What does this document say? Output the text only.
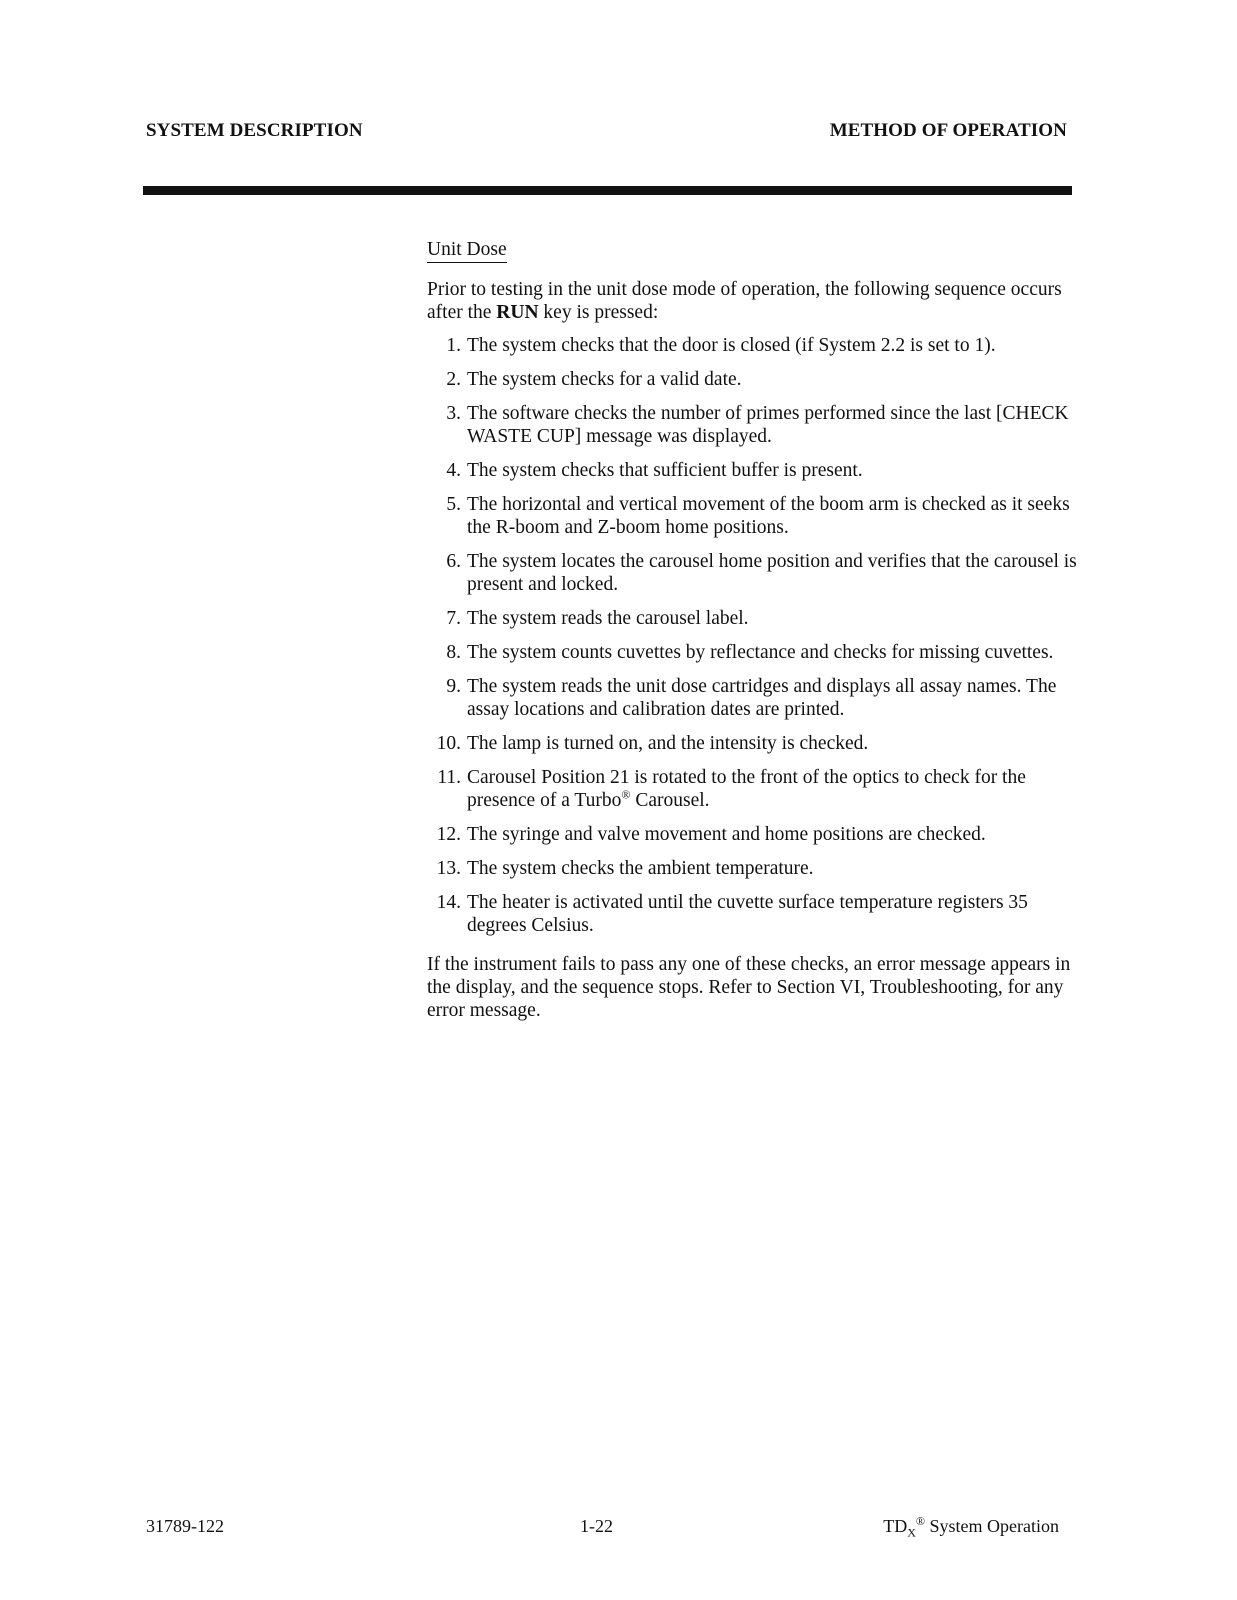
SYSTEM DESCRIPTION	METHOD OF OPERATION
Unit Dose

Prior to testing in the unit dose mode of operation, the following sequence occurs after the RUN key is pressed:

1. The system checks that the door is closed (if System 2.2 is set to 1).
2. The system checks for a valid date.
3. The software checks the number of primes performed since the last [CHECK WASTE CUP] message was displayed.
4. The system checks that sufficient buffer is present.
5. The horizontal and vertical movement of the boom arm is checked as it seeks the R-boom and Z-boom home positions.
6. The system locates the carousel home position and verifies that the carousel is present and locked.
7. The system reads the carousel label.
8. The system counts cuvettes by reflectance and checks for missing cuvettes.
9. The system reads the unit dose cartridges and displays all assay names. The assay locations and calibration dates are printed.
10. The lamp is turned on, and the intensity is checked.
11. Carousel Position 21 is rotated to the front of the optics to check for the presence of a Turbo® Carousel.
12. The syringe and valve movement and home positions are checked.
13. The system checks the ambient temperature.
14. The heater is activated until the cuvette surface temperature registers 35 degrees Celsius.

If the instrument fails to pass any one of these checks, an error message appears in the display, and the sequence stops. Refer to Section VI, Troubleshooting, for any error message.

31789-122	1-22	$TD_X®$ System Operation
